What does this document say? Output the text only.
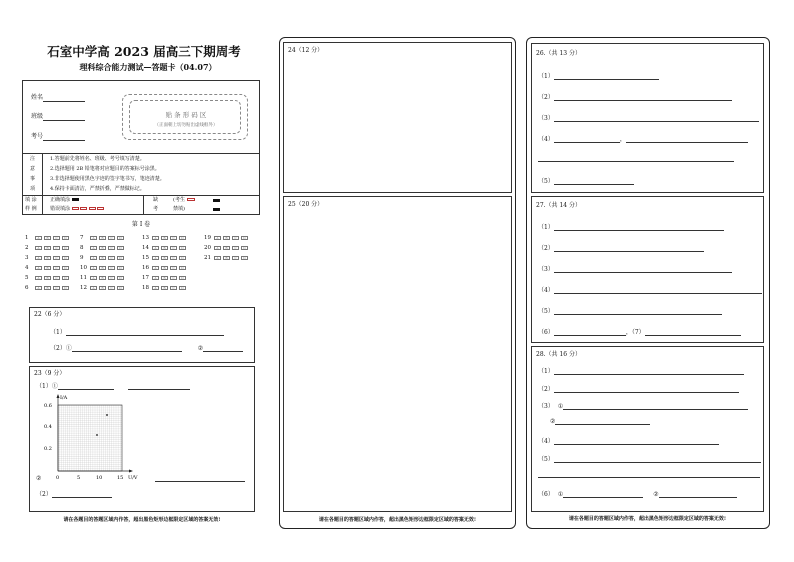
石室中学高 2023 届高三下期周考
理科综合能力测试—答题卡（04.07）
姓名
班级
考号
贴 条 形 码 区
（正面朝上切勿贴出虚线框外）
注
意
事
项
1.答题前先将姓名、班级、考号填写清楚。
2.选择题用 2B 铅笔将对应题目的答案标号涂黑。
3.非选择题使用黑色字迹的签字笔书写，笔迹清楚。
4.保持卡面清洁，严禁折叠，严禁做标记。
填 涂
样 例
正确填涂
错误填涂
缺
考
(考生
禁填)
第 I 卷
1	A B C D
2	A B C D
3	A B C D
4	A B C D
5	A B C D
6	A B C D
7	A B C D
8	A B C D
9	A B C D
10 A B C D
11 A B C D
12 A B C D
13 A B C D
14 A B C D
15 A B C D
16 A B C D
17 A B C D
18 A B C D
19 A B C D
20 A B C D
21 A B C D
22（6 分）
（1）
（2）①	②
23（9 分）
（1）①
I/A
U/V
0.6
0.4
0.2
0	5	10	15
②
（2）
请在各题目的答题区域内作答，超出黑色矩形边框限定区域的答案无效!
24（12 分）
25（20 分）
请在各题目的答题区域内作答，超出黑色矩形边框限定区域的答案无效!
26.（共 13 分）
（1）
（2）
（3）
（4）	，
（5）
27.（共 14 分）
（1）
（2）
（3）
（4）
（5）
（6）	，（7）
28.（共 16 分）
（1）
（2）
（3） ①
②
（4）
（5）
（6） ①	②
请在各题目的答题区域内作答，超出黑色矩形边框限定区域的答案无效!
